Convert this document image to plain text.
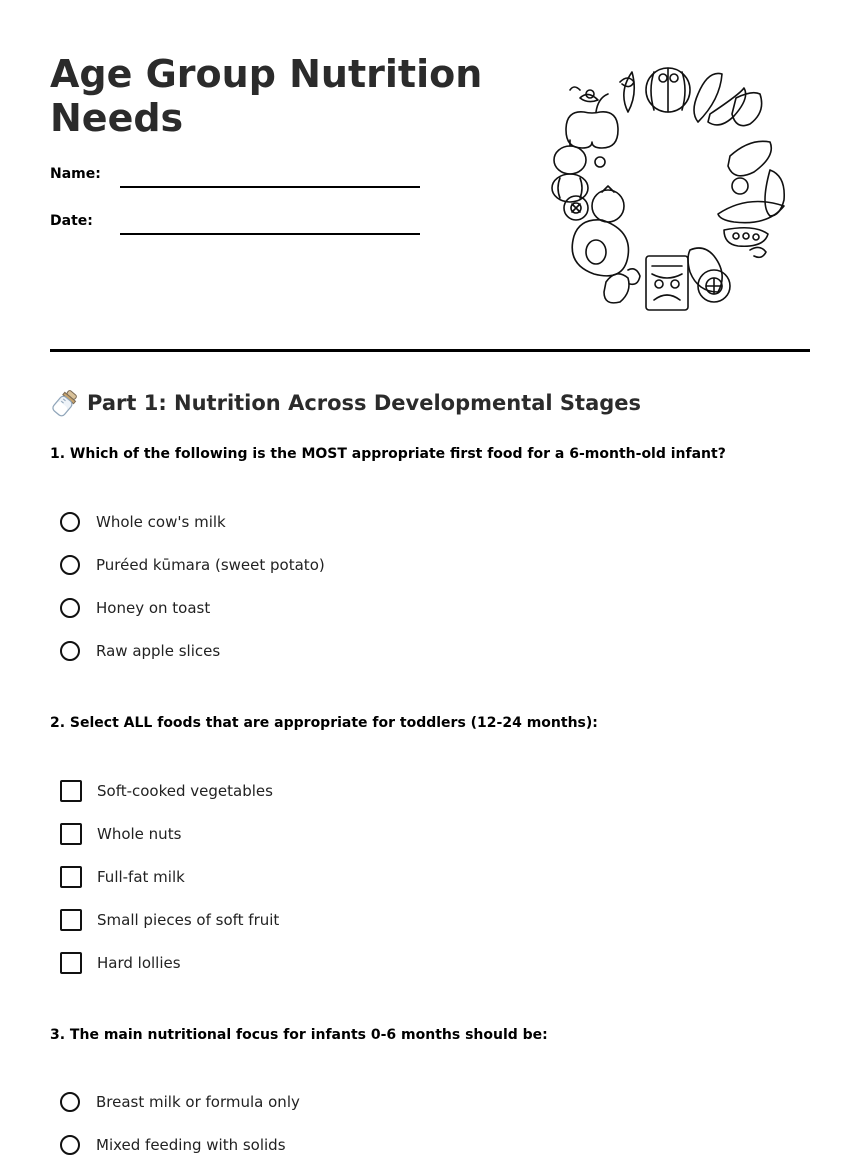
Age Group Nutrition Needs
Name:
Date:
Part 1: Nutrition Across Developmental Stages

1. Which of the following is the MOST appropriate first food for a 6-month-old infant?

Whole cow's milk
Puréed kūmara (sweet potato)
Honey on toast
Raw apple slices

2. Select ALL foods that are appropriate for toddlers (12-24 months):

Soft-cooked vegetables
Whole nuts
Full-fat milk
Small pieces of soft fruit
Hard lollies

3. The main nutritional focus for infants 0-6 months should be:

Breast milk or formula only
Mixed feeding with solids
